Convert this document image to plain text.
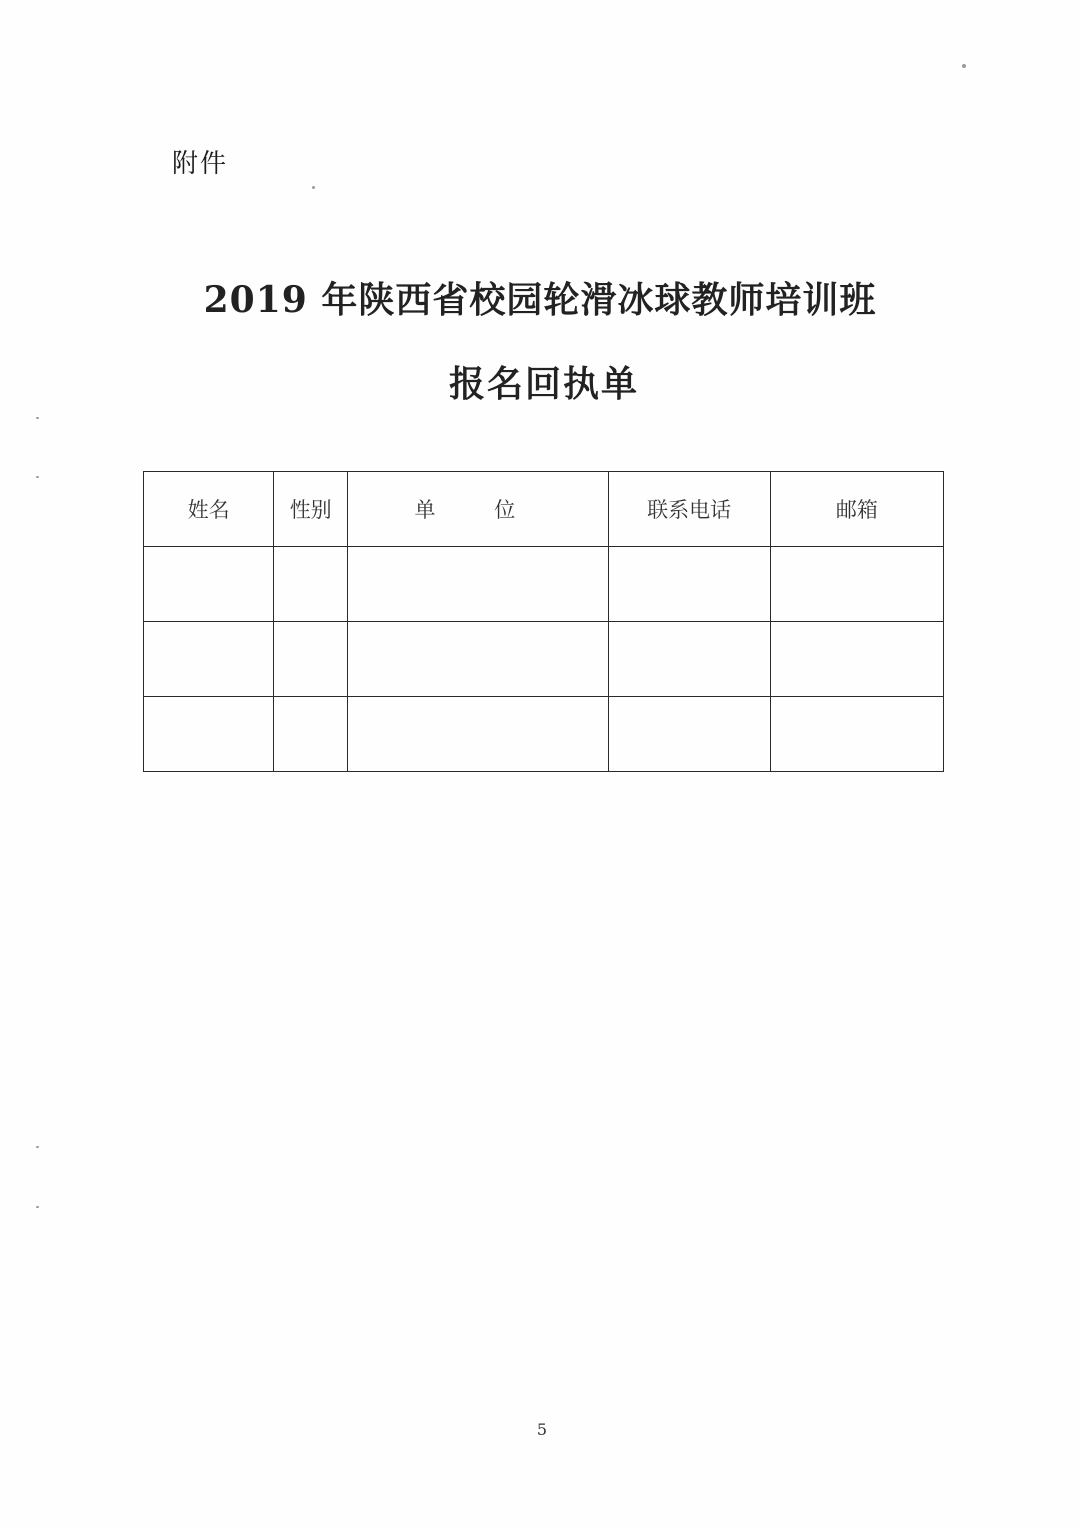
附件
2019 年陕西省校园轮滑冰球教师培训班
报名回执单
姓名	性别	单 位	联系电话	邮箱

5
